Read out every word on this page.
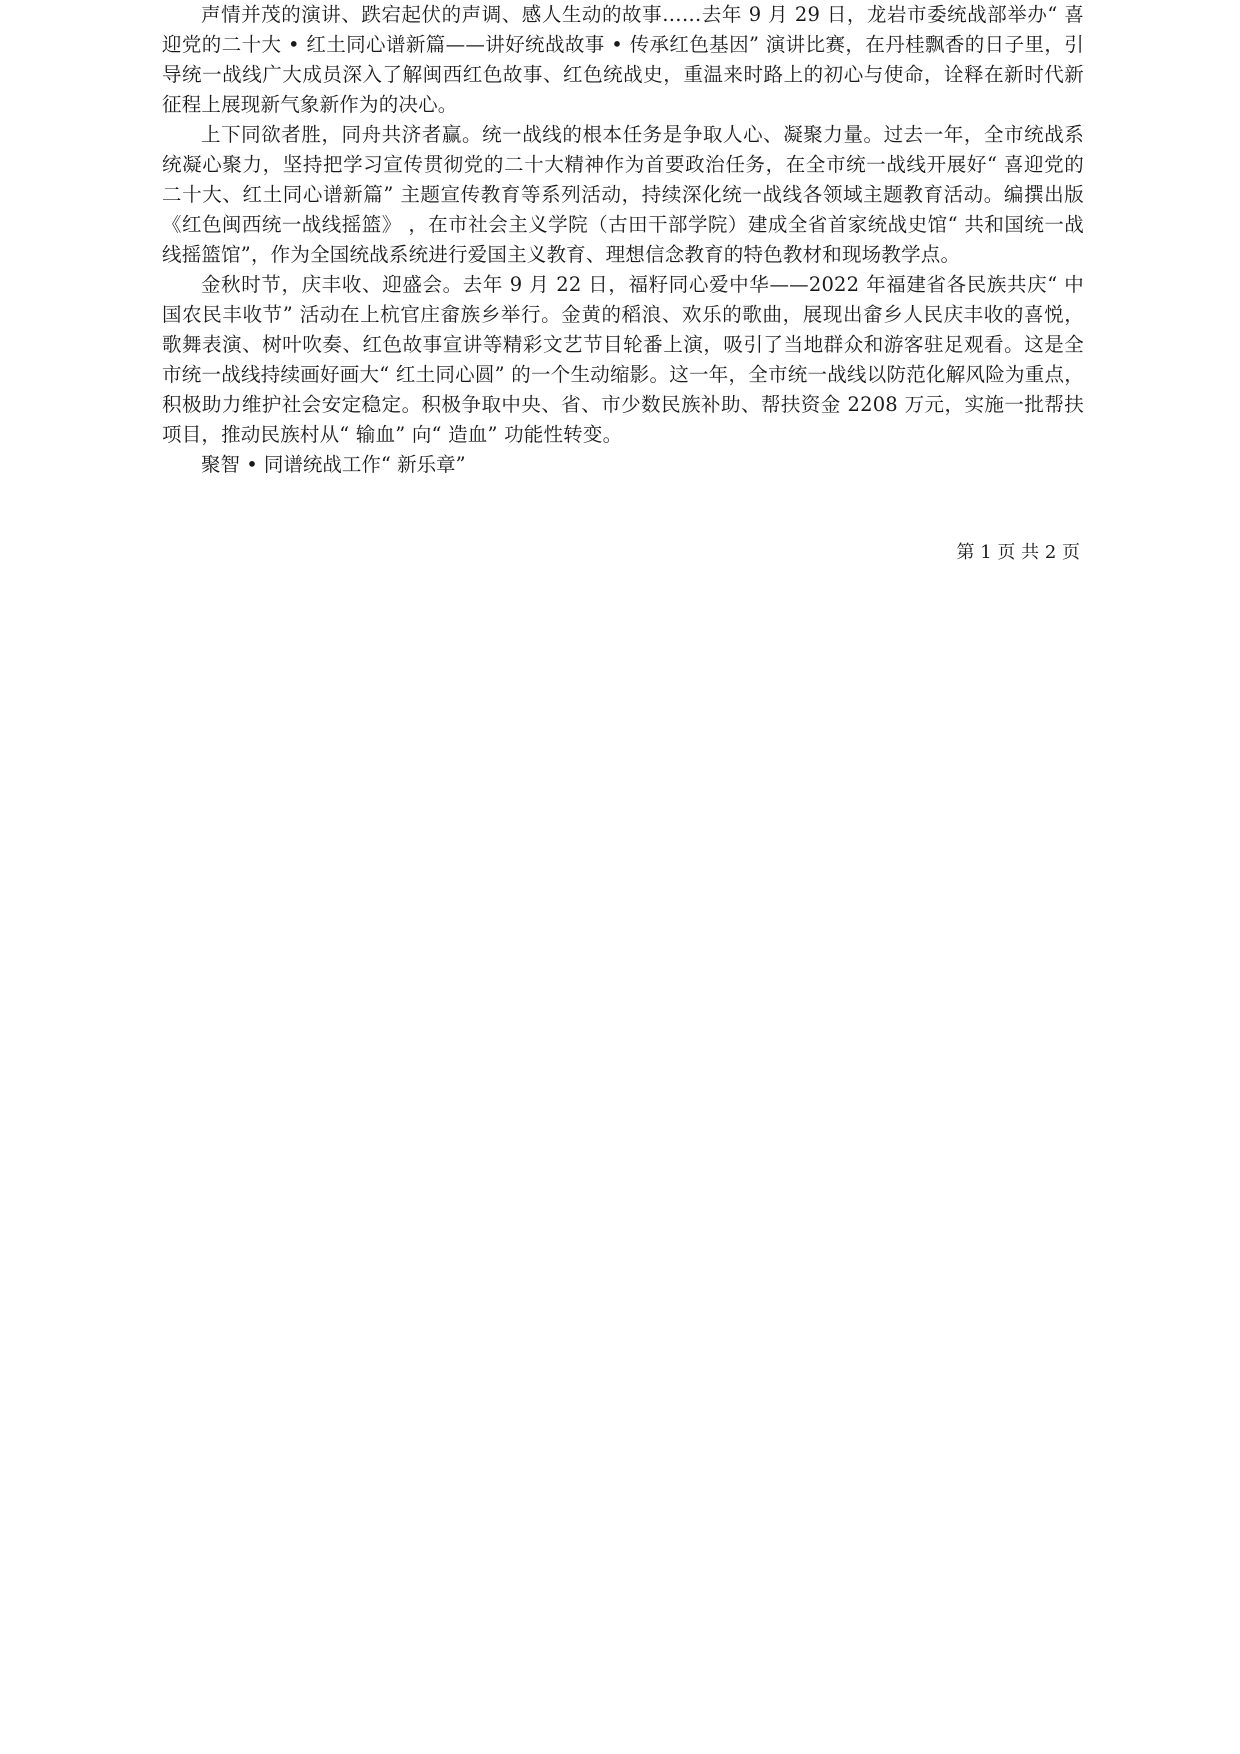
声情并茂的演讲、跌宕起伏的声调、感人生动的故事……去年 9 月 29 日，龙岩市委统战部举办“ 喜迎党的二十大 • 红土同心谱新篇——讲好统战故事 • 传承红色基因” 演讲比赛，在丹桂飘香的日子里，引导统一战线广大成员深入了解闽西红色故事、红色统战史，重温来时路上的初心与使命，诠释在新时代新征程上展现新气象新作为的决心。

上下同欲者胜，同舟共济者赢。统一战线的根本任务是争取人心、凝聚力量。过去一年，全市统战系统凝心聚力，坚持把学习宣传贯彻党的二十大精神作为首要政治任务，在全市统一战线开展好“ 喜迎党的二十大、红土同心谱新篇” 主题宣传教育等系列活动，持续深化统一战线各领域主题教育活动。编撰出版《红色闽西统一战线摇篮》 ，在市社会主义学院（古田干部学院）建成全省首家统战史馆“ 共和国统一战线摇篮馆”，作为全国统战系统进行爱国主义教育、理想信念教育的特色教材和现场教学点。

金秋时节，庆丰收、迎盛会。去年 9 月 22 日，福籽同心爱中华——2022 年福建省各民族共庆“ 中国农民丰收节” 活动在上杭官庄畲族乡举行。金黄的稻浪、欢乐的歌曲，展现出畲乡人民庆丰收的喜悦，歌舞表演、树叶吹奏、红色故事宣讲等精彩文艺节目轮番上演，吸引了当地群众和游客驻足观看。这是全市统一战线持续画好画大“ 红土同心圆” 的一个生动缩影。这一年，全市统一战线以防范化解风险为重点，积极助力维护社会安定稳定。积极争取中央、省、市少数民族补助、帮扶资金 2208 万元，实施一批帮扶项目，推动民族村从“ 输血” 向“ 造血” 功能性转变。

聚智 • 同谱统战工作“ 新乐章”

第 1 页 共 2 页
